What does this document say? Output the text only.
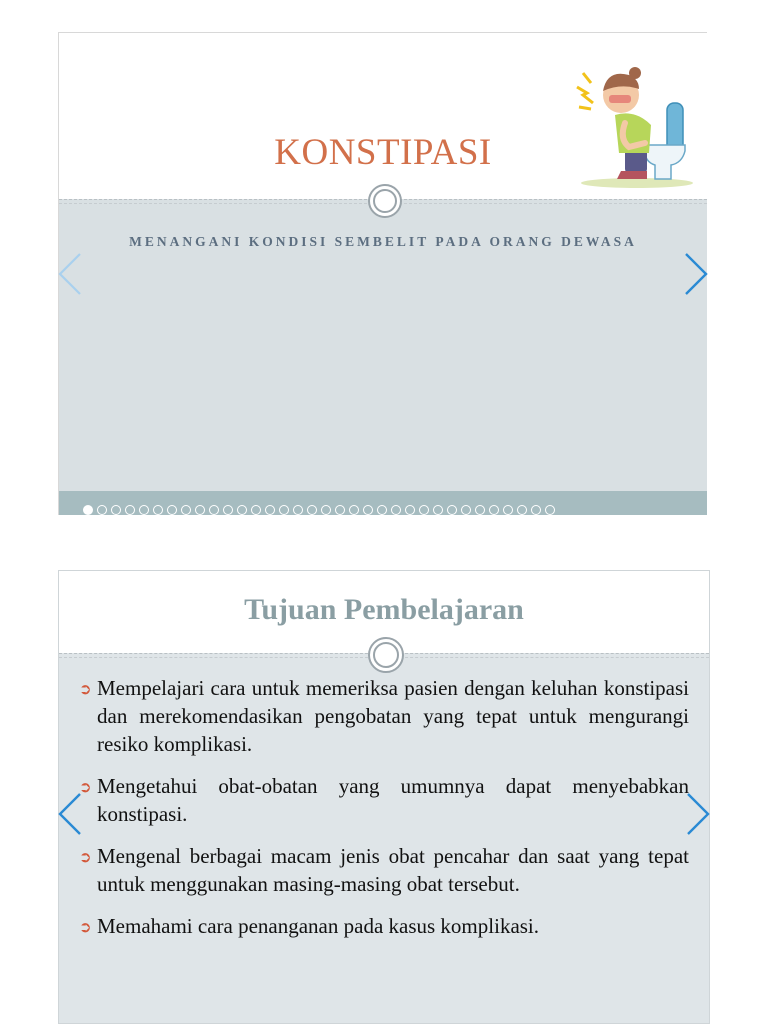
KONSTIPASI
MENANGANI KONDISI SEMBELIT PADA ORANG DEWASA
Tujuan Pembelajaran
➲ Mempelajari cara untuk memeriksa pasien dengan keluhan konstipasi dan merekomendasikan pengobatan yang tepat untuk mengurangi resiko komplikasi.
➲ Mengetahui obat-obatan yang umumnya dapat menyebabkan konstipasi.
➲ Mengenal berbagai macam jenis obat pencahar dan saat yang tepat untuk menggunakan masing-masing obat tersebut.
➲ Memahami cara penanganan pada kasus komplikasi.
